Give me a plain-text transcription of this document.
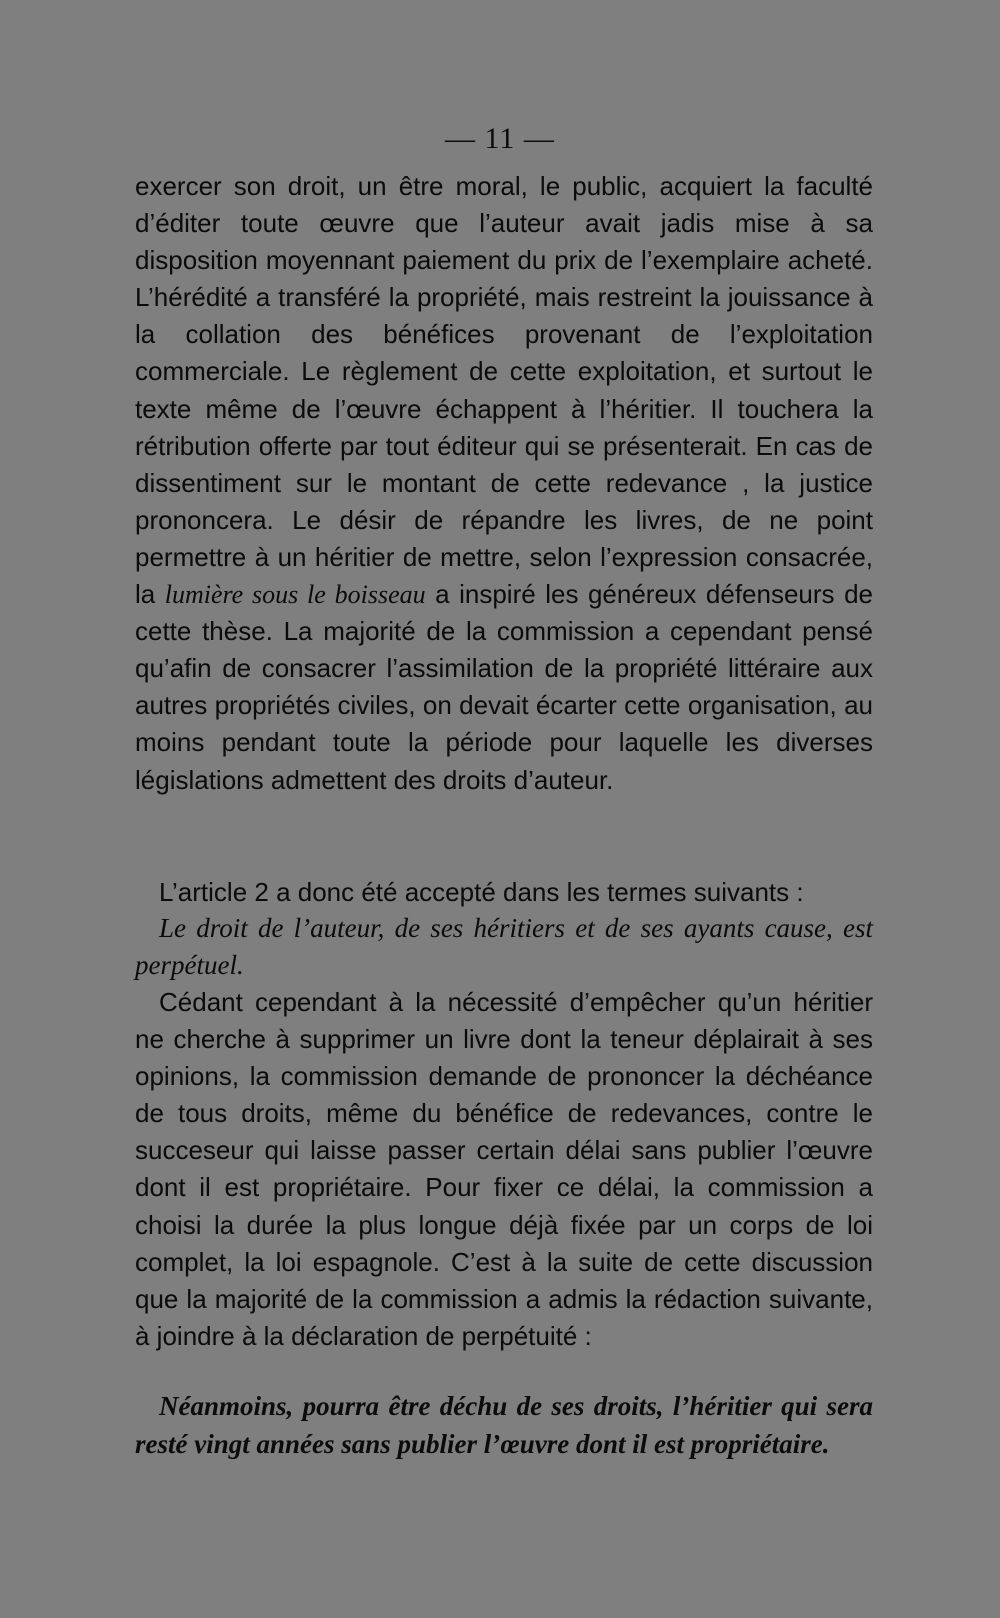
— 11 —

exercer son droit, un être moral, le public, acquiert la faculté d’éditer toute œuvre que l’auteur avait jadis mise à sa disposition moyennant paiement du prix de l’exemplaire acheté. L’hérédité a transféré la propriété, mais restreint la jouissance à la collation des bénéfices provenant de l’exploitation commerciale. Le règlement de cette exploitation, et surtout le texte même de l’œuvre échappent à l’héritier. Il touchera la rétribution offerte par tout éditeur qui se présenterait. En cas de dissentiment sur le montant de cette redevance , la justice prononcera. Le désir de répandre les livres, de ne point permettre à un héritier de mettre, selon l’expression consacrée, la lumière sous le boisseau a inspiré les généreux défenseurs de cette thèse. La majorité de la commission a cependant pensé qu’afin de consacrer l’assimilation de la propriété littéraire aux autres propriétés civiles, on devait écarter cette organisation, au moins pendant toute la période pour laquelle les diverses législations admettent des droits d’auteur.

L’article 2 a donc été accepté dans les termes suivants :

Le droit de l’auteur, de ses héritiers et de ses ayants cause, est perpétuel.

Cédant cependant à la nécessité d’empêcher qu’un héritier ne cherche à supprimer un livre dont la teneur déplairait à ses opinions, la commission demande de prononcer la déchéance de tous droits, même du bénéfice de redevances, contre le succeseur qui laisse passer certain délai sans publier l’œuvre dont il est propriétaire. Pour fixer ce délai, la commission a choisi la durée la plus longue déjà fixée par un corps de loi complet, la loi espagnole. C’est à la suite de cette discussion que la majorité de la commission a admis la rédaction suivante, à joindre à la déclaration de perpétuité :

Néanmoins, pourra être déchu de ses droits, l’héritier qui sera resté vingt années sans publier l’œuvre dont il est propriétaire.
